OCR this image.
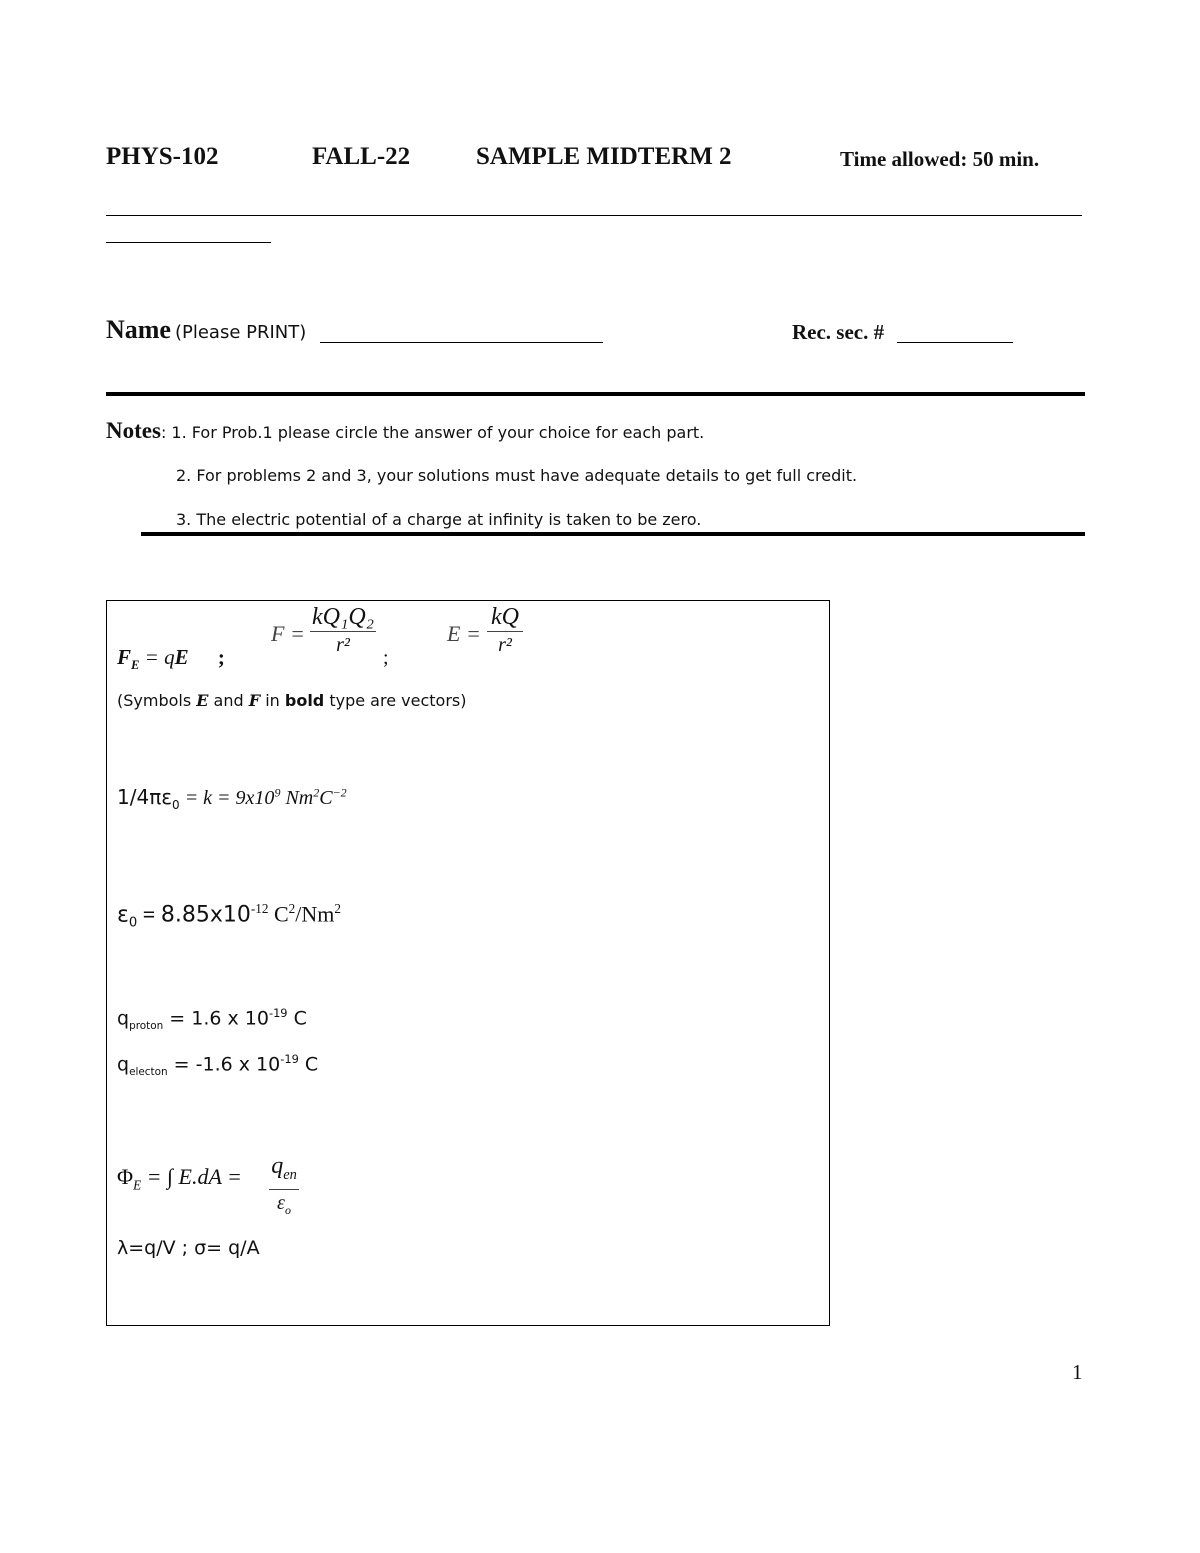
PHYS-102	FALL-22	SAMPLE MIDTERM 2	Time allowed: 50 min.
Name (Please PRINT)	Rec. sec. #
Notes: 1. For Prob.1 please circle the answer of your choice for each part.
2. For problems 2 and 3, your solutions must have adequate details to get full credit.
3. The electric potential of a charge at infinity is taken to be zero.
$F_E$ = qE ;
F =
kQ₁Q₂
r²
;
E =
kQ
r²
(Symbols E and F in bold type are vectors)
$1/4\pi\varepsilon_0 = k = 9x10^9$ $Nm^2C^{-2}$
$\varepsilon_0 = 8.85x10^{-12}$ $C^2/Nm^2$
$q_{proton} = 1.6$ x $10^{-19}$ C
$q_{electon} = -1.6$ x $10^{-19}$ C
$\Phi_E$ = ∫ $E.dA = q_{en}$
$\varepsilon_o$
λ=q/V ; σ= q/A
1
